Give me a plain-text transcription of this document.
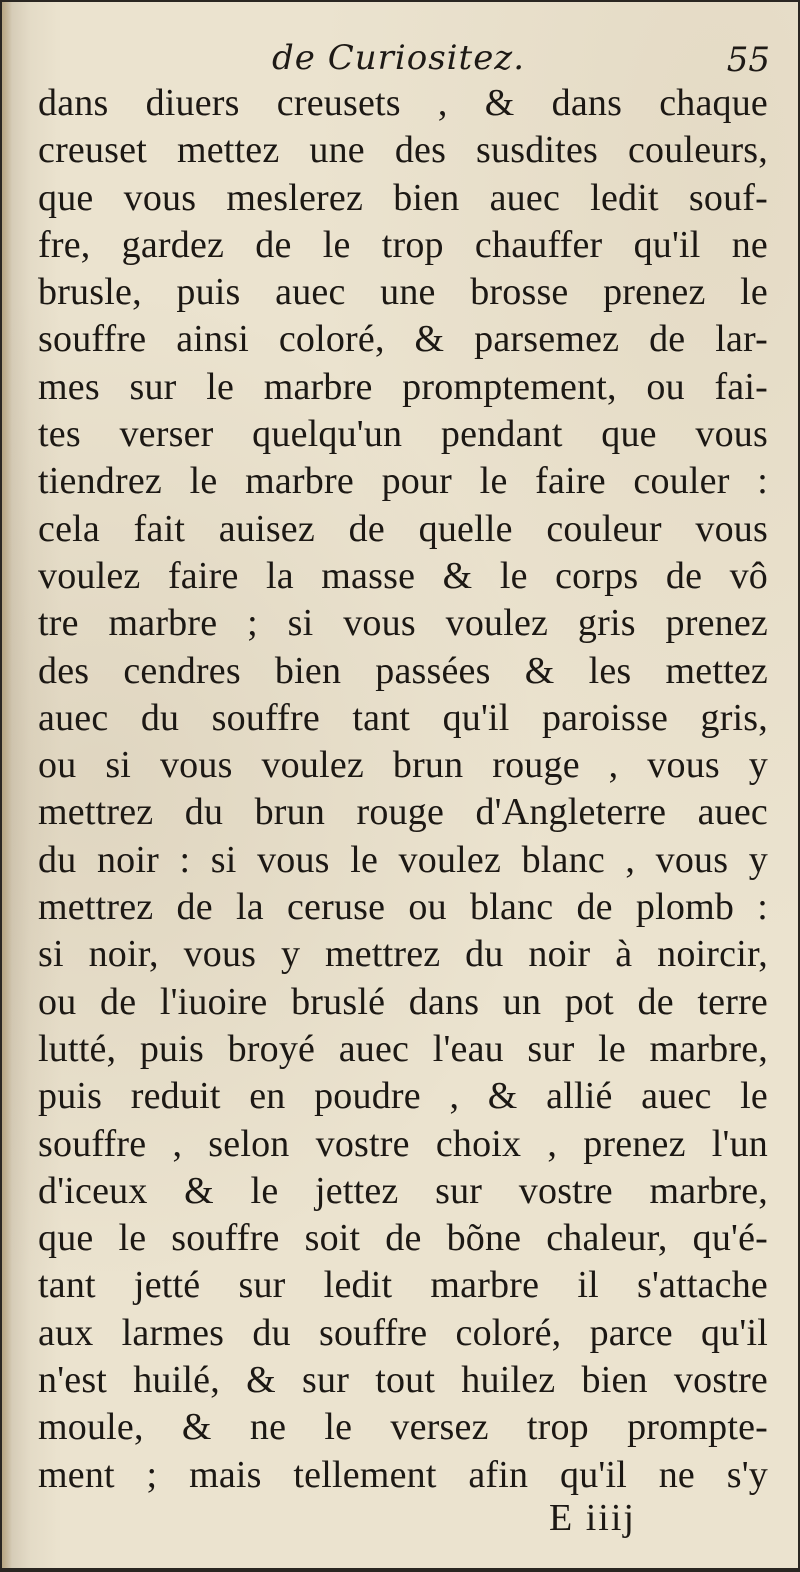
de Curiositez.	55
dans diuers creusets , & dans chaque
creuset mettez une des susdites couleurs,
que vous meslerez bien auec ledit souf-
fre, gardez de le trop chauffer qu'il ne
brusle, puis auec une brosse prenez le
souffre ainsi coloré, & parsemez de lar-
mes sur le marbre promptement, ou fai-
tes verser quelqu'un pendant que vous
tiendrez le marbre pour le faire couler :
cela fait auisez de quelle couleur vous
voulez faire la masse & le corps de vô
tre marbre ; si vous voulez gris prenez
des cendres bien passées & les mettez
auec du souffre tant qu'il paroisse gris,
ou si vous voulez brun rouge , vous y
mettrez du brun rouge d'Angleterre auec
du noir : si vous le voulez blanc , vous y
mettrez de la ceruse ou blanc de plomb :
si noir, vous y mettrez du noir à noircir,
ou de l'iuoire bruslé dans un pot de terre
lutté, puis broyé auec l'eau sur le marbre,
puis reduit en poudre , & allié auec le
souffre , selon vostre choix , prenez l'un
d'iceux & le jettez sur vostre marbre,
que le souffre soit de bõne chaleur, qu'é-
tant jetté sur ledit marbre il s'attache
aux larmes du souffre coloré, parce qu'il
n'est huilé, & sur tout huilez bien vostre
moule, & ne le versez trop prompte-
ment ; mais tellement afin qu'il ne s'y
E iiij
